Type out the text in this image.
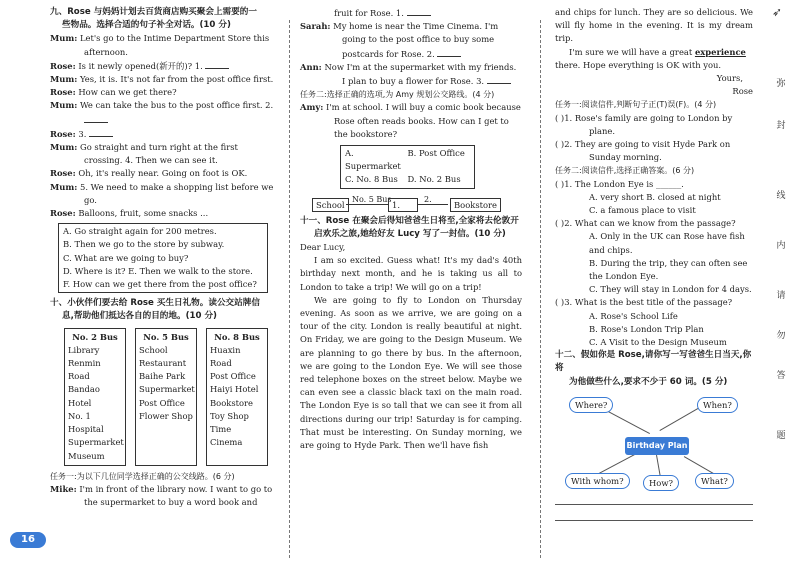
➶
九、Rose 与妈妈计划去百货商店购买聚会上需要的一
些物品。选择合适的句子补全对话。(10 分)

Mum: Let's go to the Intime Department Store this afternoon.

Rose: Is it newly opened(新开的)? 1.

Mum: Yes, it is. It's not far from the post office first.

Rose: How can we get there?

Mum: We can take the bus to the post office first. 2.

Rose: 3.

Mum: Go straight and turn right at the first crossing. 4. Then we can see it.

Rose: Oh, it's really near. Going on foot is OK.

Mum: 5. We need to make a shopping list before we go.

Rose: Balloons, fruit, some snacks ...

A. Go straight again for 200 metres.
B. Then we go to the store by subway.
C. What are we going to buy?
D. Where is it? E. Then we walk to the store.
F. How can we get there from the post office?
十、小伙伴们要去给 Rose 买生日礼物。读公交站牌信
息,帮助他们抵达各自的目的地。(10 分)
No. 2 Bus
Library
Renmin Road
Bandao Hotel
No. 1 Hospital
Supermarket
Museum
No. 5 Bus
School
Restaurant
Baihe Park
Supermarket
Post Office
Flower Shop
No. 8 Bus
Huaxin Road
Post Office
Haiyi Hotel
Bookstore
Toy Shop
Time Cinema
任务一:为以下几位同学选择正确的公交线路。(6 分)

Mike: I'm in front of the library now. I want to go to the supermarket to buy a word book and

fruit for Rose. 1.

Sarah: My home is near the Time Cinema. I'm going to the post office to buy some postcards for Rose. 2.

Ann: Now I'm at the supermarket with my friends. I plan to buy a flower for Rose. 3.

任务二:选择正确的选项,为 Amy 规划公交路线。(4 分)

Amy: I'm at school. I will buy a comic book because Rose often reads books. How can I get to the bookstore?

A. Supermarket
B. Post Office
C. No. 8 Bus	D. No. 2 Bus
School
No. 5 Bus
1.
2.
Bookstore
十一、Rose 在聚会后得知爸爸生日将至,全家将去伦敦开
启欢乐之旅,她给好友 Lucy 写了一封信。(10 分)

Dear Lucy,

I am so excited. Guess what! It's my dad's 40th birthday next month, and he is taking us all to London to take a trip! We will go on a trip!

We are going to fly to London on Thursday evening. As soon as we arrive, we are going on a tour of the city. London is really beautiful at night. On Friday, we are going to the Design Museum. We are planning to go there by bus. In the afternoon, we are going to the London Eye. We will see those red telephone boxes on the street below. Maybe we can even see a classic black taxi on the main road. The London Eye is so tall that we can see it from all directions during our trip! Saturday is for camping. That must be interesting. On Sunday morning, we are going to Hyde Park. Then we'll have fish

and chips for lunch. They are so delicious. We will fly home in the evening. It is my dream trip.

I'm sure we will have a great experience there. Hope everything is OK with you.

Yours,

Rose

任务一:阅读信件,判断句子正(T)误(F)。(4 分)

( )1. Rose's family are going to London by plane.

( )2. They are going to visit Hyde Park on Sunday morning.

任务二:阅读信件,选择正确答案。(6 分)

( )1. The London Eye is ______.

A. very short B. closed at night

C. a famous place to visit

( )2. What can we know from the passage?

A. Only in the UK can Rose have fish and chips.

B. During the trip, they can often see the London Eye.

C. They will stay in London for 4 days.

( )3. What is the best title of the passage?

A. Rose's School Life

B. Rose's London Trip Plan

C. A Visit to the Design Museum

十二、假如你是 Rose,请你写一写爸爸生日当天,你将
为他做些什么,要求不少于 60 词。(5 分)
Where?	When?
Birthday Plan
With whom?	How?	What?
弥
封
线
内
请
勿
答
题
16
